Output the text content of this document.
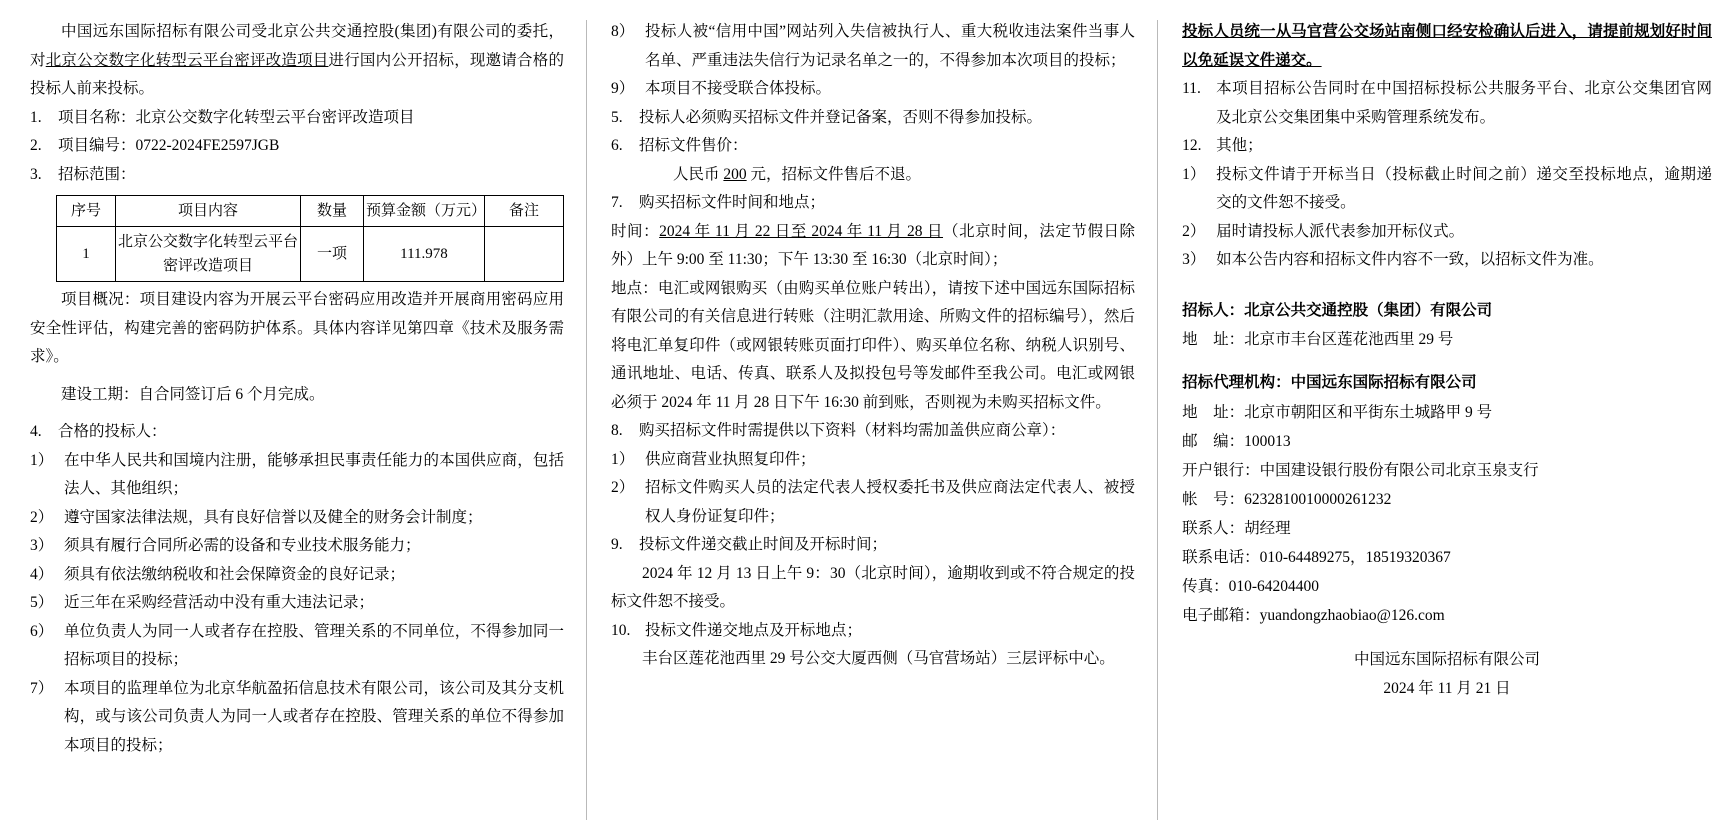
中国远东国际招标有限公司受北京公共交通控股(集团)有限公司的委托，对北京公交数字化转型云平台密评改造项目进行国内公开招标，现邀请合格的投标人前来投标。

1.	项目名称：北京公交数字化转型云平台密评改造项目
2.	项目编号：0722-2024FE2597JGB
3.	招标范围：
序号	项目内容	数量	预算金额（万元）	备注
1	北京公交数字化转型云平台密评改造项目	一项	111.978	

项目概况：项目建设内容为开展云平台密码应用改造并开展商用密码应用安全性评估，构建完善的密码防护体系。具体内容详见第四章《技术及服务需求》。

建设工期：自合同签订后 6 个月完成。

4.	合格的投标人：
1） 在中华人民共和国境内注册，能够承担民事责任能力的本国供应商，包括法人、其他组织；
2） 遵守国家法律法规，具有良好信誉以及健全的财务会计制度；
3） 须具有履行合同所必需的设备和专业技术服务能力；
4） 须具有依法缴纳税收和社会保障资金的良好记录；
5） 近三年在采购经营活动中没有重大违法记录；
6） 单位负责人为同一人或者存在控股、管理关系的不同单位，不得参加同一招标项目的投标；
7） 本项目的监理单位为北京华航盈拓信息技术有限公司，该公司及其分支机构，或与该公司负责人为同一人或者存在控股、管理关系的单位不得参加本项目的投标；
8） 投标人被“信用中国”网站列入失信被执行人、重大税收违法案件当事人名单、严重违法失信行为记录名单之一的，不得参加本次项目的投标；
9） 本项目不接受联合体投标。
5.	投标人必须购买招标文件并登记备案，否则不得参加投标。
6.	招标文件售价：

人民币 200 元，招标文件售后不退。

7.	购买招标文件时间和地点；

时间：2024 年 11 月 22 日至 2024 年 11 月 28 日（北京时间，法定节假日除外）上午 9:00 至 11:30；下午 13:30 至 16:30（北京时间）；

地点：电汇或网银购买（由购买单位账户转出），请按下述中国远东国际招标有限公司的有关信息进行转账（注明汇款用途、所购文件的招标编号），然后将电汇单复印件（或网银转账页面打印件）、购买单位名称、纳税人识别号、通讯地址、电话、传真、联系人及拟投包号等发邮件至我公司。电汇或网银必须于 2024 年 11 月 28 日下午 16:30 前到账，否则视为未购买招标文件。

8.	购买招标文件时需提供以下资料（材料均需加盖供应商公章）：
1） 供应商营业执照复印件；
2） 招标文件购买人员的法定代表人授权委托书及供应商法定代表人、被授权人身份证复印件；
9.	投标文件递交截止时间及开标时间；

2024 年 12 月 13 日上午 9：30（北京时间），逾期收到或不符合规定的投标文件恕不接受。

10. 投标文件递交地点及开标地点；

丰台区莲花池西里 29 号公交大厦西侧（马官营场站）三层评标中心。

投标人员统一从马官营公交场站南侧口经安检确认后进入，请提前规划好时间以免延误文件递交。

11. 本项目招标公告同时在中国招标投标公共服务平台、北京公交集团官网及北京公交集团集中采购管理系统发布。
12. 其他；
1） 投标文件请于开标当日（投标截止时间之前）递交至投标地点，逾期递交的文件恕不接受。
2） 届时请投标人派代表参加开标仪式。
3） 如本公告内容和招标文件内容不一致，以招标文件为准。

招标人：北京公共交通控股（集团）有限公司

地　址：北京市丰台区莲花池西里 29 号

招标代理机构：中国远东国际招标有限公司

地　址：北京市朝阳区和平街东土城路甲 9 号
邮　编：100013
开户银行：中国建设银行股份有限公司北京玉泉支行
帐　号：6232810010000261232
联系人：胡经理
联系电话：010-64489275，18519320367
传真：010-64204400
电子邮箱：yuandongzhaobiao@126.com
中国远东国际招标有限公司
2024 年 11 月 21 日
